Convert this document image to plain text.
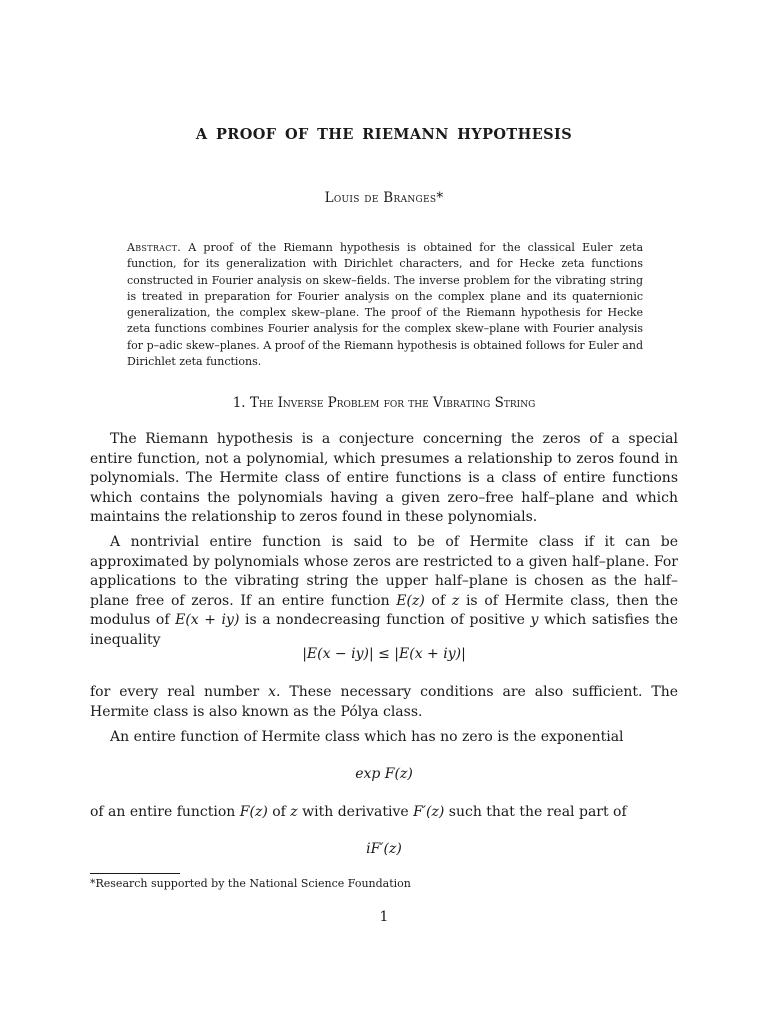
A PROOF OF THE RIEMANN HYPOTHESIS
Louis de Branges*
Abstract. A proof of the Riemann hypothesis is obtained for the classical Euler zeta function, for its generalization with Dirichlet characters, and for Hecke zeta functions constructed in Fourier analysis on skew–fields. The inverse problem for the vibrating string is treated in preparation for Fourier analysis on the complex plane and its quaternionic generalization, the complex skew–plane. The proof of the Riemann hypothesis for Hecke zeta functions combines Fourier analysis for the complex skew–plane with Fourier analysis for p–adic skew–planes. A proof of the Riemann hypothesis is obtained follows for Euler and Dirichlet zeta functions.
1. The Inverse Problem for the Vibrating String
The Riemann hypothesis is a conjecture concerning the zeros of a special entire function, not a polynomial, which presumes a relationship to zeros found in polynomials. The Hermite class of entire functions is a class of entire functions which contains the polynomials having a given zero–free half–plane and which maintains the relationship to zeros found in these polynomials.
A nontrivial entire function is said to be of Hermite class if it can be approximated by polynomials whose zeros are restricted to a given half–plane. For applications to the vibrating string the upper half–plane is chosen as the half–plane free of zeros. If an entire function E(z) of z is of Hermite class, then the modulus of E(x + iy) is a nondecreasing function of positive y which satisfies the inequality
|E(x − iy)| ≤ |E(x + iy)|
for every real number x. These necessary conditions are also sufficient. The Hermite class is also known as the Pólya class.
An entire function of Hermite class which has no zero is the exponential
exp F(z)
of an entire function F(z) of z with derivative F′(z) such that the real part of
iF′(z)
*Research supported by the National Science Foundation
1
